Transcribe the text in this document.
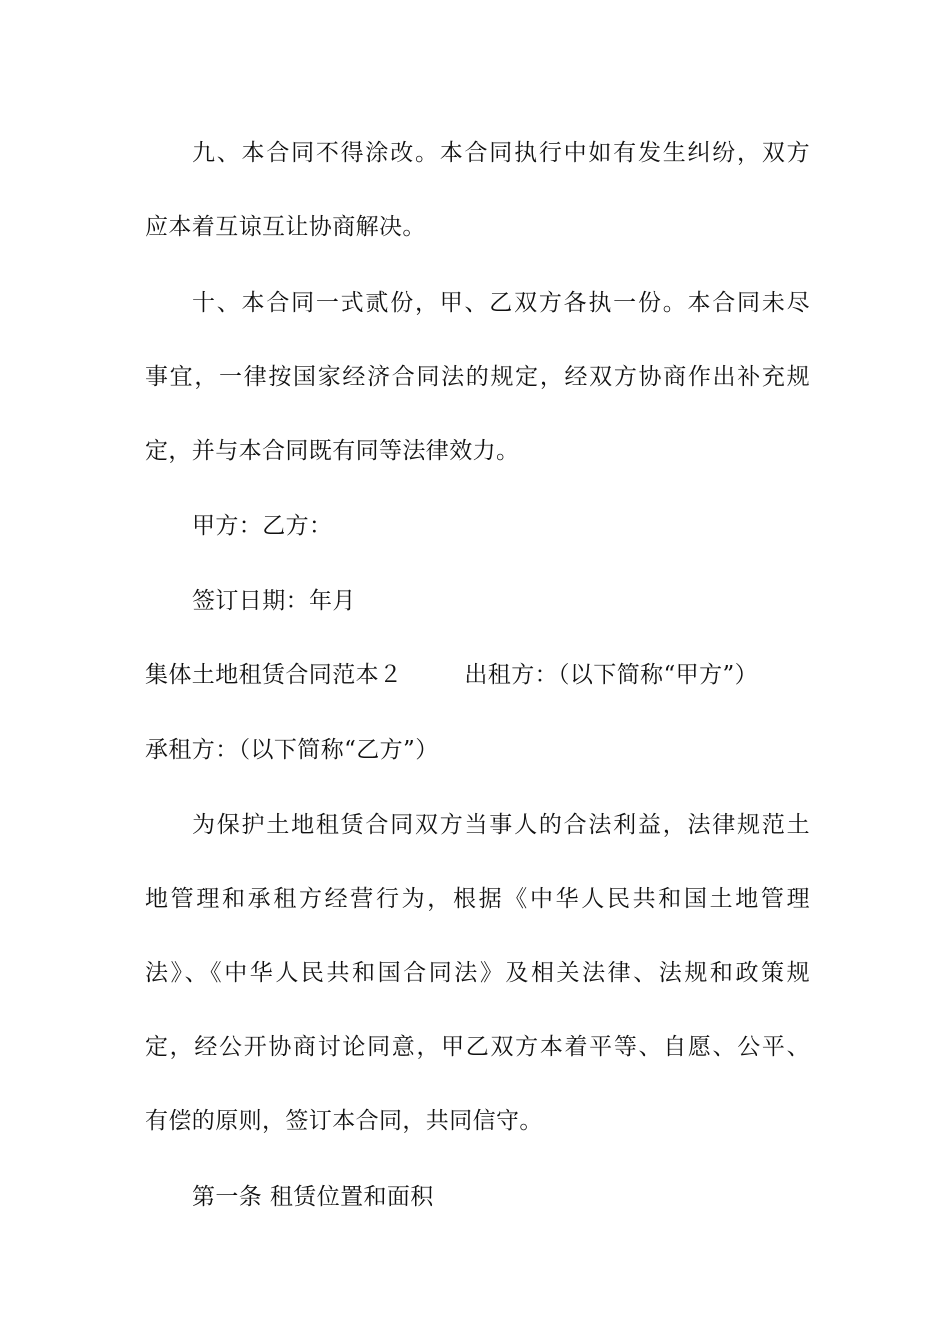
九、本合同不得涂改。本合同执行中如有发生纠纷，双方
应本着互谅互让协商解决。
十、本合同一式贰份，甲、乙双方各执一份。本合同未尽
事宜，一律按国家经济合同法的规定，经双方协商作出补充规
定，并与本合同既有同等法律效力。
甲方：乙方：
签订日期：年月
集体土地租赁合同范本２	出租方：（以下简称“甲方”）
承租方：（以下简称“乙方”）
为保护土地租赁合同双方当事人的合法利益，法律规范土
地管理和承租方经营行为，根据《中华人民共和国土地管理
法》、《中华人民共和国合同法》及相关法律、法规和政策规
定，经公开协商讨论同意，甲乙双方本着平等、自愿、公平、
有偿的原则，签订本合同，共同信守。
第一条 租赁位置和面积
